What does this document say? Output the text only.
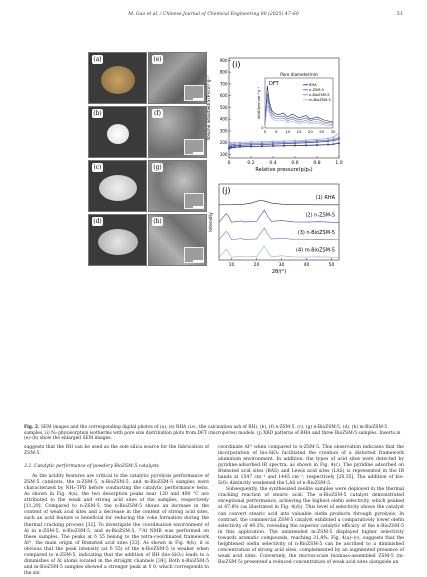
M. Guo et al. / Chinese Journal of Chemical Engineering 80 (2025) 47–60	51
(a)
(b)
(c)
(d)
(e)
(f)
(g)
(h)
(i)
0	0.2	0.4	0.6	0.8	1.0
100
200
300
400
500
600
700
800
900
Relative pressure(p/p₀)
Volume adsorbed(STP)/cm³·g⁻¹	DFT
Pore diameter/nm
dV/dD/cm³·nm⁻¹·g⁻¹
0 5 10 15 20 25 30
0
RHA
n-ZSM-5
n-BioZSM-5
m-BioZSM-5
(j)
10	20	30	40	50
2θ/(°)
Intensity
(1) RHA
(2) n-ZSM-5
(3) n-BioZSM-5
(4) m-BioZSM-5
Fig. 2. SEM images and the corresponding digital photos of (a), (e) RHA (i.e., the calcination ash of RH), (b), (f) n-ZSM-5, (c), (g) n-BioZSM-5, (d), (h) m-BioZSM-5 samples. (i) N₂ physisorption isotherms with pore size distribution plots from DFT (micropores) models, (j) XRD patterns of RHA and three BioZSM-5 samples. Inserts in (e)–(h) show the enlarged SEM images.

suggests that the RH can be used as the sole silica source for the fabrication of ZSM-5.

3.2. Catalytic performance of powdery BioZSM-5 catalysts

As the acidity features are critical to the catalytic pyrolysis performance of ZSM-5 catalysts, the n-ZSM-5, n-BioZSM-5, and m-BioZSM-5 samples were characterized by NH₃-TPD before conducting the catalytic performance tests. As shown in Fig. 4(a), the two desorption peaks near 120 and 400 °C are attributed to the weak and strong acid sites of the samples, respectively [11,29]. Compared to n-ZSM-5, the n-BioZSM-5 shows an increase in the content of weak acid sites and a decrease in the content of strong acid sites, such an acid feature is beneficial for reducing the coke formation during the thermal cracking process [32]. To investigate the coordination environment of Al in n-ZSM-5, n-BioZSM-5, and m-BioZSM-5, ²⁷Al NMR was performed on these samples. The peaks at δ 55 belong to the tetra-coordinated framework Alᴵᵛ, the main origin of Brønsted acid sites [33]. As shown in Fig. 4(b), it is obvious that the peak intensity (at δ 55) of the n-BioZSM-5 is weaker when compared to n-ZSM-5, indicating that the addition of RH (bio-SiO₂) leads to a diminishes of Al atoms located in the straight channels [34]. Both n-BioZSM-5 and m-BioZSM-5 samples showed a stronger peak at δ 0, which corresponds to the six-

coordinate Alᵛᴵ when compared to n-ZSM-5. This observation indicates that the incorporation of bio-SiO₂ facilitated the creation of a distorted framework aluminum environment. In addition, the types of acid sites were detected by pyridine-adsorbed IR spectra, as shown in Fig. 4(c). The pyridine adsorbed on Brønsted acid sites (BAS) and Lewis acid sites (LAS) is represented in the IR bands at 1547 cm⁻¹ and 1445 cm⁻¹, respectively [20,35]. The addition of bio-SiO₂ distinctly weakened the LAS of n-BioZSM-5.

Subsequently, the synthesized zeolite samples were deployed in the thermal cracking reaction of stearic acid. The n-BioZSM-5 catalyst demonstrated exceptional performance, achieving the highest olefin selectivity, which peaked at 87.8% (as illustrated in Fig. 4(d)). This level of selectivity shows the catalyst can convert stearic acid into valuable olefin products through pyrolysis. In contrast, the commercial ZSM-5 catalyst exhibited a comparatively lower olefin selectivity of 49.2%, revealing the superior catalytic efficacy of the n-BioZSM-5 in this application. The unintended m-ZSM-5 displayed higher selectivity towards aromatic compounds, reaching 31.8%. Fig. 4(a)–(c), suggests that the heightened olefin selectivity of n-BioZSM-5 can be ascribed to a diminished concentration of strong acid sites, complemented by an augmented presence of weak acid sites. Conversely, the micron-scale biomass-assembled ZSM-5 (m-BioZSM-5) presented a reduced concentration of weak acid sites alongside an
